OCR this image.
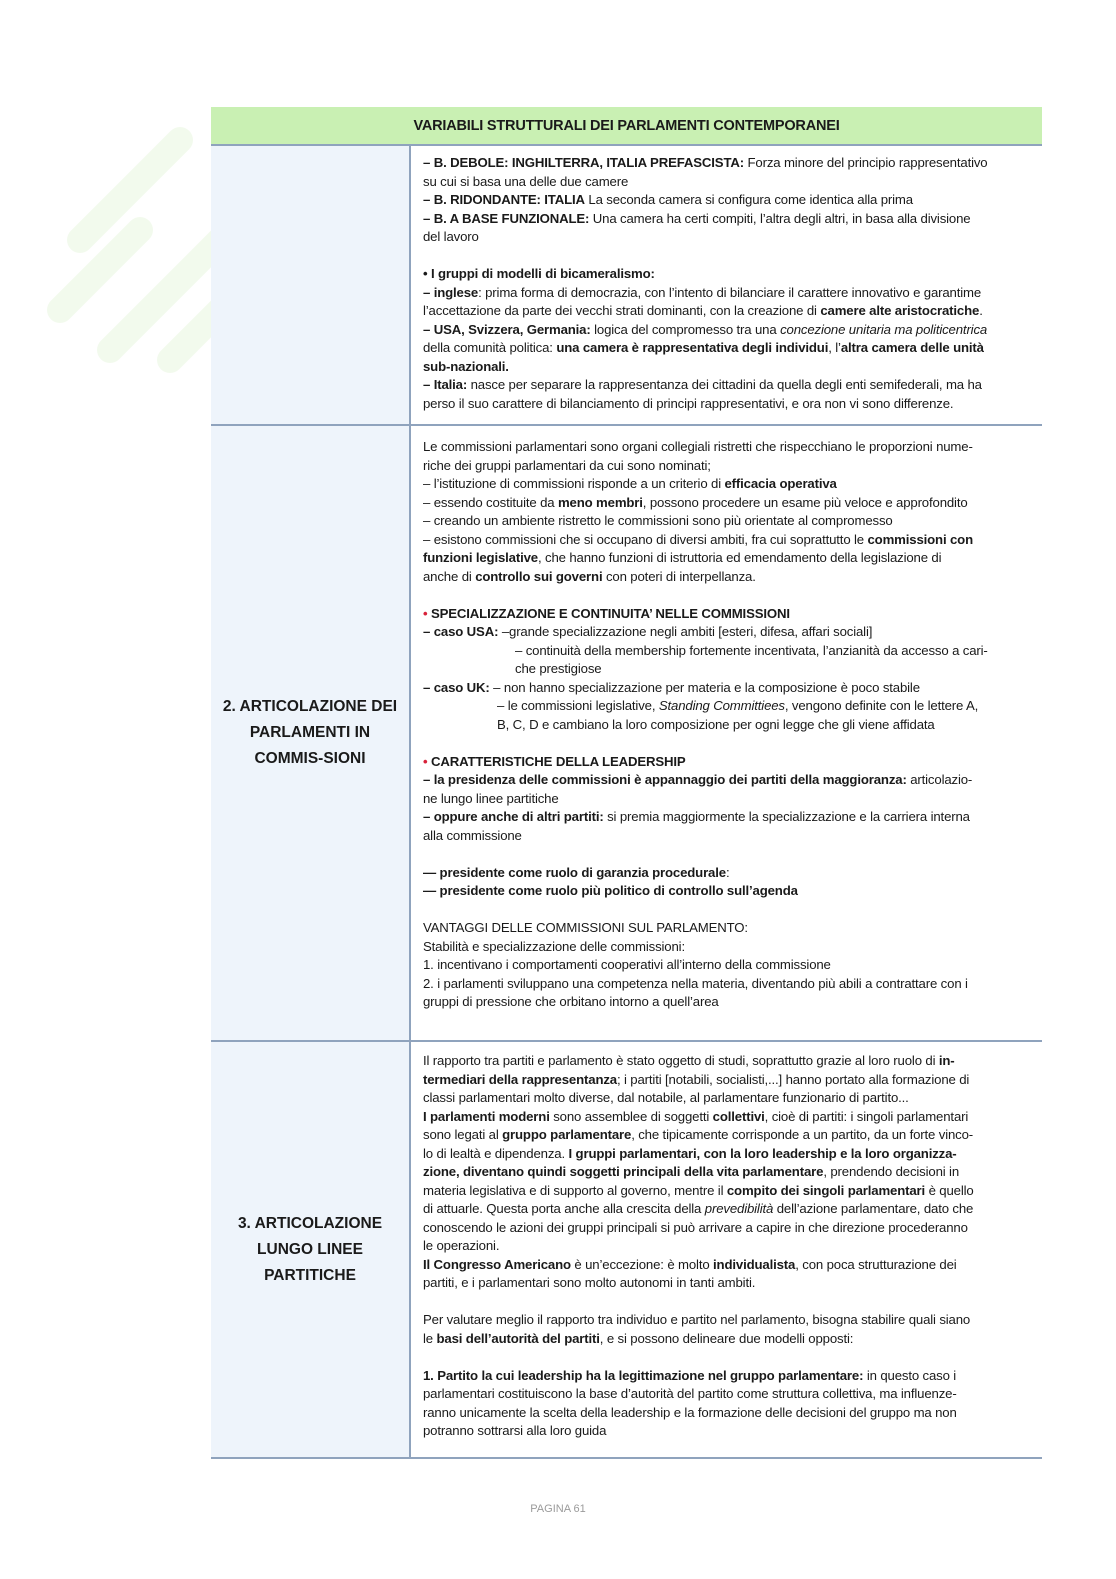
VARIABILI STRUTTURALI DEI PARLAMENTI CONTEMPORANEI

– B. DEBOLE: INGHILTERRA, ITALIA PREFASCISTA: Forza minore del principio rappresentativo

su cui si basa una delle due camere

– B. RIDONDANTE: ITALIA La seconda camera si configura come identica alla prima

– B. A BASE FUNZIONALE: Una camera ha certi compiti, l’altra degli altri, in basa alla divisione

del lavoro

• I gruppi di modelli di bicameralismo:

– inglese: prima forma di democrazia, con l’intento di bilanciare il carattere innovativo e garantime

l’accettazione da parte dei vecchi strati dominanti, con la creazione di camere alte aristocratiche.

– USA, Svizzera, Germania: logica del compromesso tra una concezione unitaria ma politicentrica

della comunità politica: una camera è rappresentativa degli individui, l’altra camera delle unità

sub-nazionali.

– Italia: nasce per separare la rappresentanza dei cittadini da quella degli enti semifederali, ma ha

perso il suo carattere di bilanciamento di principi rappresentativi, e ora non vi sono differenze.

2. ARTICOLAZIONE DEI PARLAMENTI IN COMMIS-SIONI

Le commissioni parlamentari sono organi collegiali ristretti che rispecchiano le proporzioni nume-

riche dei gruppi parlamentari da cui sono nominati;

– l’istituzione di commissioni risponde a un criterio di efficacia operativa

– essendo costituite da meno membri, possono procedere un esame più veloce e approfondito

– creando un ambiente ristretto le commissioni sono più orientate al compromesso

– esistono commissioni che si occupano di diversi ambiti, fra cui soprattutto le commissioni con

funzioni legislative, che hanno funzioni di istruttoria ed emendamento della legislazione di

anche di controllo sui governi con poteri di interpellanza.

• SPECIALIZZAZIONE E CONTINUITA’ NELLE COMMISSIONI

– caso USA: –grande specializzazione negli ambiti [esteri, difesa, affari sociali]

– continuità della membership fortemente incentivata, l’anzianità da accesso a cari-

che prestigiose

– caso UK: – non hanno specializzazione per materia e la composizione è poco stabile

– le commissioni legislative, Standing Committiees, vengono definite con le lettere A,

B, C, D e cambiano la loro composizione per ogni legge che gli viene affidata

• CARATTERISTICHE DELLA LEADERSHIP

– la presidenza delle commissioni è appannaggio dei partiti della maggioranza: articolazio-

ne lungo linee partitiche

– oppure anche di altri partiti: si premia maggiormente la specializzazione e la carriera interna

alla commissione

— presidente come ruolo di garanzia procedurale:

— presidente come ruolo più politico di controllo sull’agenda

VANTAGGI DELLE COMMISSIONI SUL PARLAMENTO:

Stabilità e specializzazione delle commissioni:

1. incentivano i comportamenti cooperativi all’interno della commissione

2. i parlamenti sviluppano una competenza nella materia, diventando più abili a contrattare con i

gruppi di pressione che orbitano intorno a quell’area

3. ARTICOLAZIONE LUNGO LINEE PARTITICHE

Il rapporto tra partiti e parlamento è stato oggetto di studi, soprattutto grazie al loro ruolo di in-

termediari della rappresentanza; i partiti [notabili, socialisti,...] hanno portato alla formazione di

classi parlamentari molto diverse, dal notabile, al parlamentare funzionario di partito...

I parlamenti moderni sono assemblee di soggetti collettivi, cioè di partiti: i singoli parlamentari

sono legati al gruppo parlamentare, che tipicamente corrisponde a un partito, da un forte vinco-

lo di lealtà e dipendenza. I gruppi parlamentari, con la loro leadership e la loro organizza-

zione, diventano quindi soggetti principali della vita parlamentare, prendendo decisioni in

materia legislativa e di supporto al governo, mentre il compito dei singoli parlamentari è quello

di attuarle. Questa porta anche alla crescita della prevedibilità dell’azione parlamentare, dato che

conoscendo le azioni dei gruppi principali si può arrivare a capire in che direzione procederanno

le operazioni.

Il Congresso Americano è un’eccezione: è molto individualista, con poca strutturazione dei

partiti, e i parlamentari sono molto autonomi in tanti ambiti.

Per valutare meglio il rapporto tra individuo e partito nel parlamento, bisogna stabilire quali siano

le basi dell’autorità del partiti, e si possono delineare due modelli opposti:

1. Partito la cui leadership ha la legittimazione nel gruppo parlamentare: in questo caso i

parlamentari costituiscono la base d’autorità del partito come struttura collettiva, ma influenze-

ranno unicamente la scelta della leadership e la formazione delle decisioni del gruppo ma non

potranno sottrarsi alla loro guida

PAGINA 61
